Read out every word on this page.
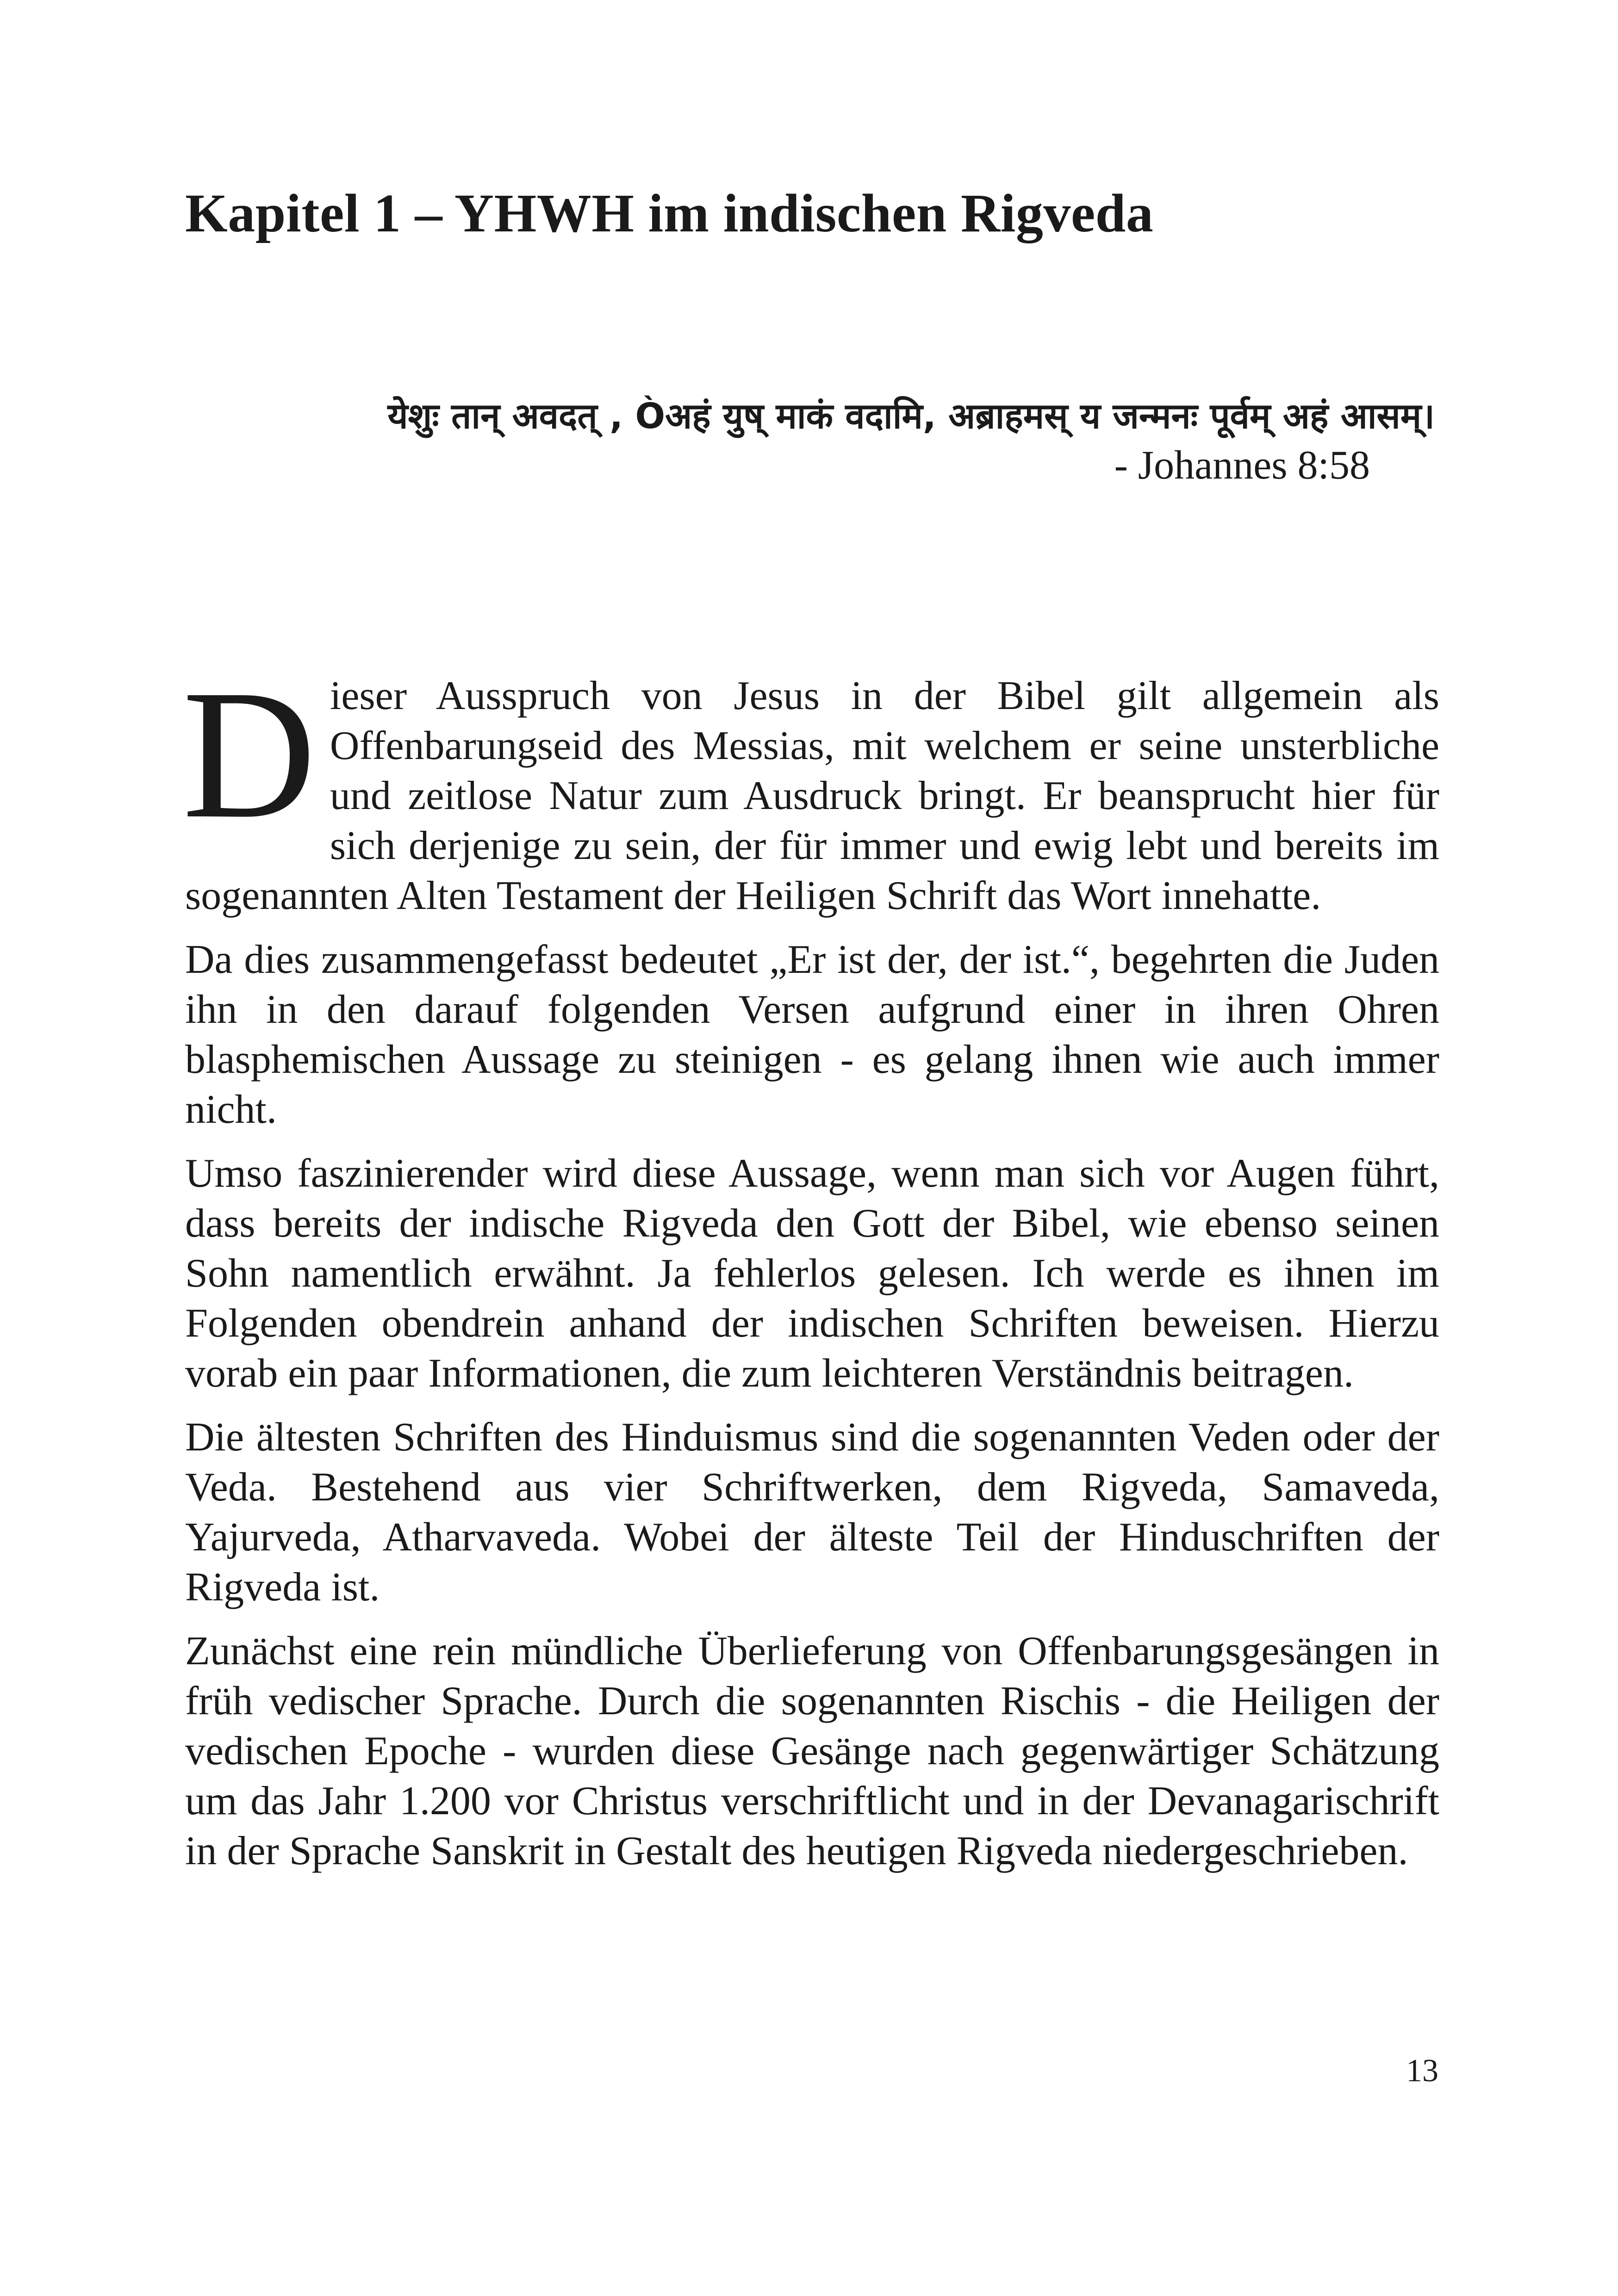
Kapitel 1 – YHWH im indischen Rigveda
येशुः तान् अवदत् , Òअहं युष् माकं वदामि, अब्राहमस् य जन्मनः पूर्वम् अहं आसम्।
- Johannes 8:58

D ieser Ausspruch von Jesus in der Bibel gilt allgemein als Offenbarungseid des Messias, mit welchem er seine unsterbliche und zeitlose Natur zum Ausdruck bringt. Er beansprucht hier für sich derjenige zu sein, der für immer und ewig lebt und bereits im sogenannten Alten Testament der Heiligen Schrift das Wort innehatte.

Da dies zusammengefasst bedeutet „Er ist der, der ist.“, begehrten die Juden ihn in den darauf folgenden Versen aufgrund einer in ihren Ohren blasphemischen Aussage zu steinigen - es gelang ihnen wie auch immer nicht.

Umso faszinierender wird diese Aussage, wenn man sich vor Augen führt, dass bereits der indische Rigveda den Gott der Bibel, wie ebenso seinen Sohn namentlich erwähnt. Ja fehlerlos gelesen. Ich werde es ihnen im Folgenden obendrein anhand der indischen Schriften beweisen. Hierzu vorab ein paar Informationen, die zum leichteren Verständnis beitragen.

Die ältesten Schriften des Hinduismus sind die sogenannten Veden oder der Veda. Bestehend aus vier Schriftwerken, dem Rigveda, Samaveda, Yajurveda, Atharvaveda. Wobei der älteste Teil der Hinduschriften der Rigveda ist.

Zunächst eine rein mündliche Überlieferung von Offenbarungsgesängen in früh vedischer Sprache. Durch die sogenannten Rischis - die Heiligen der vedischen Epoche - wurden diese Gesänge nach gegenwärtiger Schätzung um das Jahr 1.200 vor Christus verschriftlicht und in der Devanagarischrift in der Sprache Sanskrit in Gestalt des heutigen Rigveda niedergeschrieben.

13
